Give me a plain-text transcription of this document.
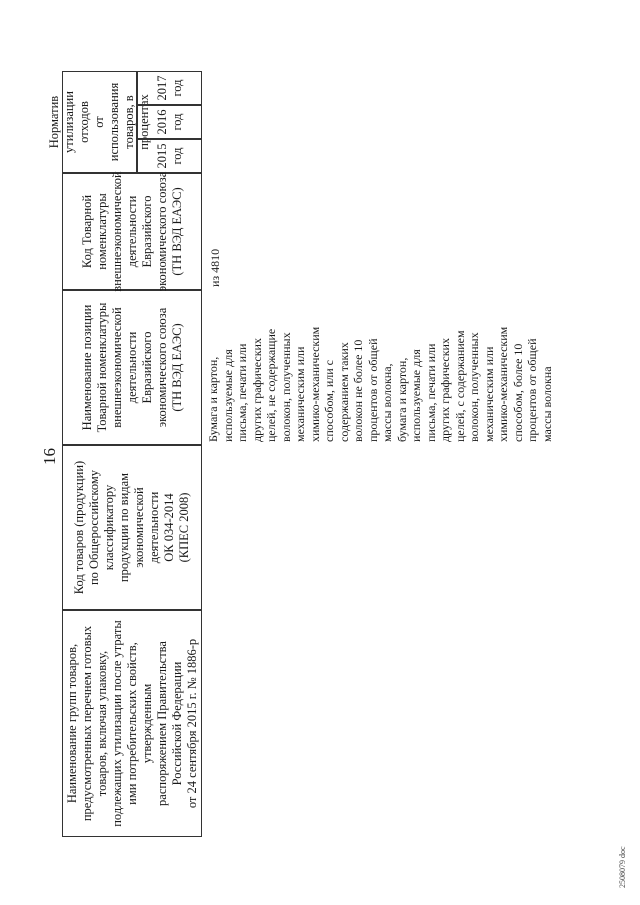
16
Наименование групп товаров,
предусмотренных перечнем готовых
товаров, включая упаковку,
подлежащих утилизации после утраты
ими потребительских свойств,
утвержденным
распоряжением Правительства
Российской Федерации
от 24 сентября 2015 г. № 1886-р
Код товаров (продукции)
по Общероссийскому
классификатору
продукции по видам
экономической
деятельности
ОК 034-2014
(КПЕС 2008)
Наименование позиции
Товарной номенклатуры
внешнеэкономической
деятельности
Евразийского
экономического союза
(ТН ВЭД ЕАЭС)
Код Товарной
номенклатуры
внешнеэкономической
деятельности
Евразийского
экономического союза
(ТН ВЭД ЕАЭС)
Норматив
утилизации отходов
от использования
товаров, в процентах
2015
год
2016
год
2017
год
Бумага и картон,
используемые для
письма, печати или
других графических
целей, не содержащие
волокон, полученных
механическим или
химико-механическим
способом, или с
содержанием таких
волокон не более 10
процентов от общей
массы волокна,
бумага и картон,
используемые для
письма, печати или
других графических
целей, с содержанием
волокон, полученных
механическим или
химико-механическим
способом, более 10
процентов от общей
массы волокна
из 4810
2508079 doc
